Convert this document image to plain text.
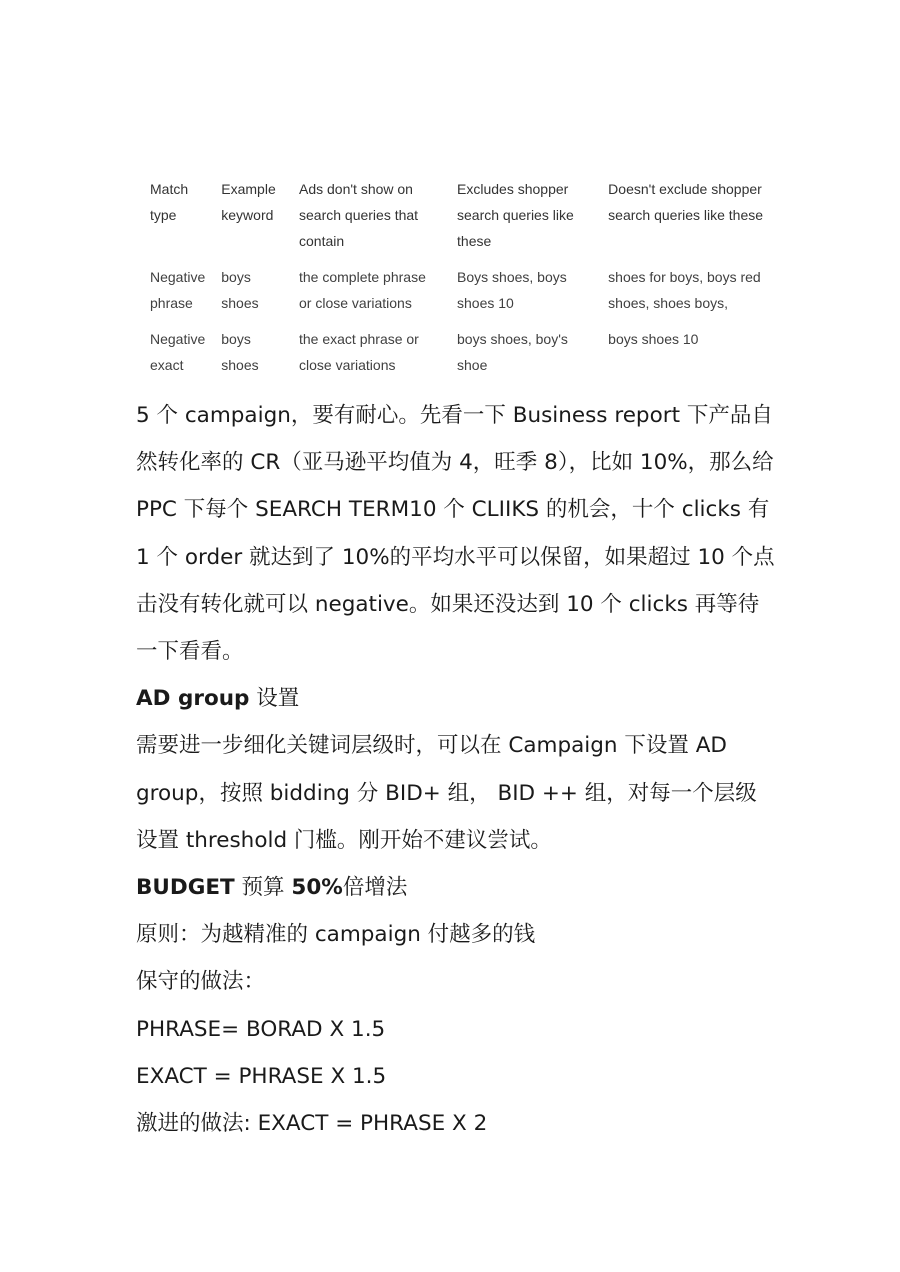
Match type	Example keyword	Ads don't show on search queries that contain	Excludes shopper search queries like these	Doesn't exclude shopper search queries like these
Negative phrase	boys shoes	the complete phrase or close variations	Boys shoes, boys shoes 10	shoes for boys, boys red shoes, shoes boys,
Negative exact	boys shoes	the exact phrase or close variations	boys shoes, boy's shoe	boys shoes 10

5 个 campaign，要有耐心。先看一下 Business report 下产品自然转化率的 CR（亚马逊平均值为 4，旺季 8），比如 10%，那么给 PPC 下每个 SEARCH TERM10 个 CLIIKS 的机会，十个 clicks 有 1 个 order 就达到了 10%的平均水平可以保留，如果超过 10 个点击没有转化就可以 negative。如果还没达到 10 个 clicks 再等待一下看看。

AD group 设置

需要进一步细化关键词层级时，可以在 Campaign 下设置 AD group，按照 bidding 分 BID+ 组， BID ++ 组，对每一个层级设置 threshold 门槛。刚开始不建议尝试。

BUDGET 预算 50%倍增法

原则：为越精准的 campaign 付越多的钱

保守的做法：

PHRASE= BORAD X 1.5

EXACT = PHRASE X 1.5

激进的做法: EXACT = PHRASE X 2
